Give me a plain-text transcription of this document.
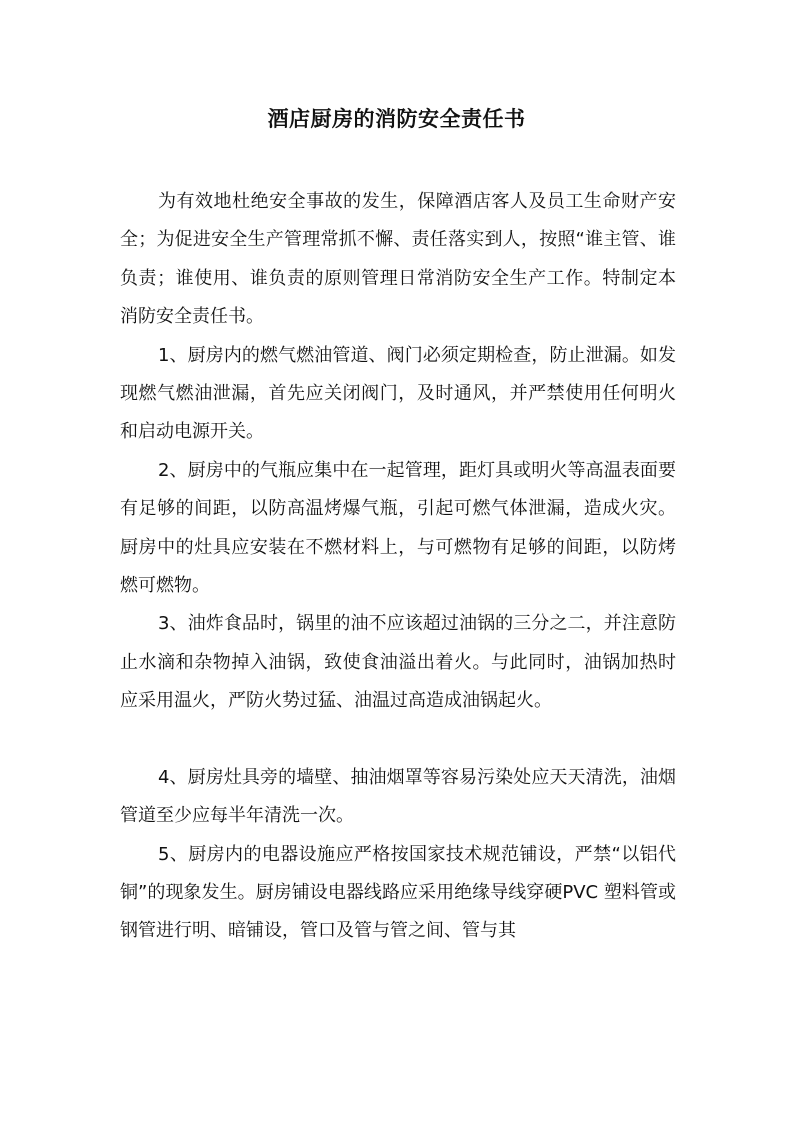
酒店厨房的消防安全责任书

为有效地杜绝安全事故的发生，保障酒店客人及员工生命财产安全；为促进安全生产管理常抓不懈、责任落实到人，按照“谁主管、谁负责；谁使用、谁负责的原则管理日常消防安全生产工作。特制定本消防安全责任书。

1、厨房内的燃气燃油管道、阀门必须定期检查，防止泄漏。如发现燃气燃油泄漏，首先应关闭阀门，及时通风，并严禁使用任何明火和启动电源开关。

2、厨房中的气瓶应集中在一起管理，距灯具或明火等高温表面要有足够的间距，以防高温烤爆气瓶，引起可燃气体泄漏，造成火灾。厨房中的灶具应安装在不燃材料上，与可燃物有足够的间距，以防烤燃可燃物。

3、油炸食品时，锅里的油不应该超过油锅的三分之二，并注意防止水滴和杂物掉入油锅，致使食油溢出着火。与此同时，油锅加热时应采用温火，严防火势过猛、油温过高造成油锅起火。

4、厨房灶具旁的墙壁、抽油烟罩等容易污染处应天天清洗，油烟管道至少应每半年清洗一次。

5、厨房内的电器设施应严格按国家技术规范铺设，严禁“以铝代铜”的现象发生。厨房铺设电器线路应采用绝缘导线穿硬PVC 塑料管或钢管进行明、暗铺设，管口及管与管之间、管与其
